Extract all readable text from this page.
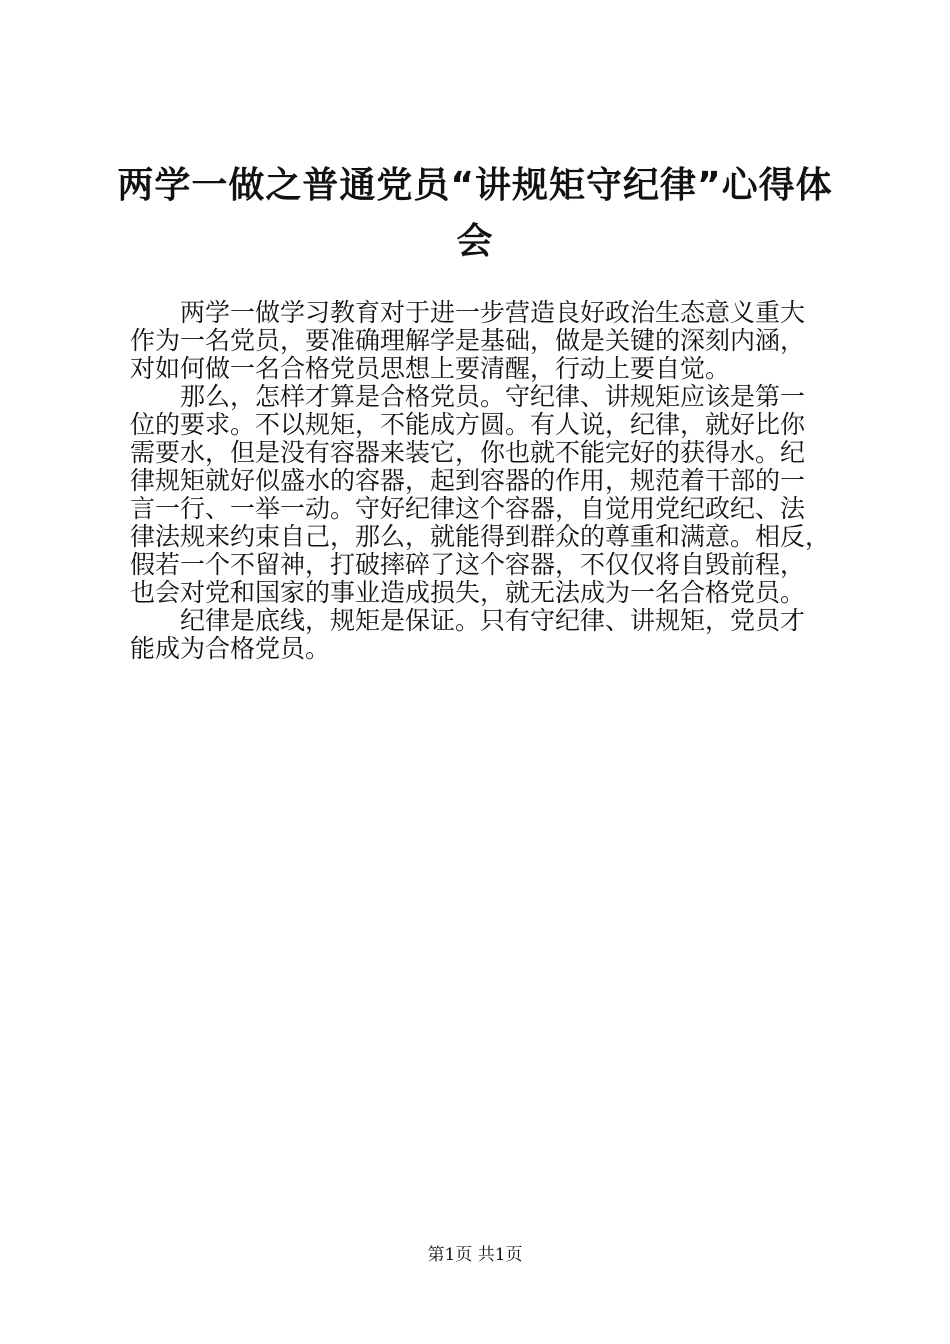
两学一做之普通党员“讲规矩守纪律”心得体
会
两学一做学习教育对于进一步营造良好政治生态意义重大
作为一名党员，要准确理解学是基础，做是关键的深刻内涵，
对如何做一名合格党员思想上要清醒，行动上要自觉。
那么，怎样才算是合格党员。守纪律、讲规矩应该是第一
位的要求。不以规矩，不能成方圆。有人说，纪律，就好比你
需要水，但是没有容器来装它，你也就不能完好的获得水。纪
律规矩就好似盛水的容器，起到容器的作用，规范着干部的一
言一行、一举一动。守好纪律这个容器，自觉用党纪政纪、法
律法规来约束自己，那么，就能得到群众的尊重和满意。相反，
假若一个不留神，打破摔碎了这个容器，不仅仅将自毁前程，
也会对党和国家的事业造成损失，就无法成为一名合格党员。
纪律是底线，规矩是保证。只有守纪律、讲规矩，党员才
能成为合格党员。
第1页 共1页
